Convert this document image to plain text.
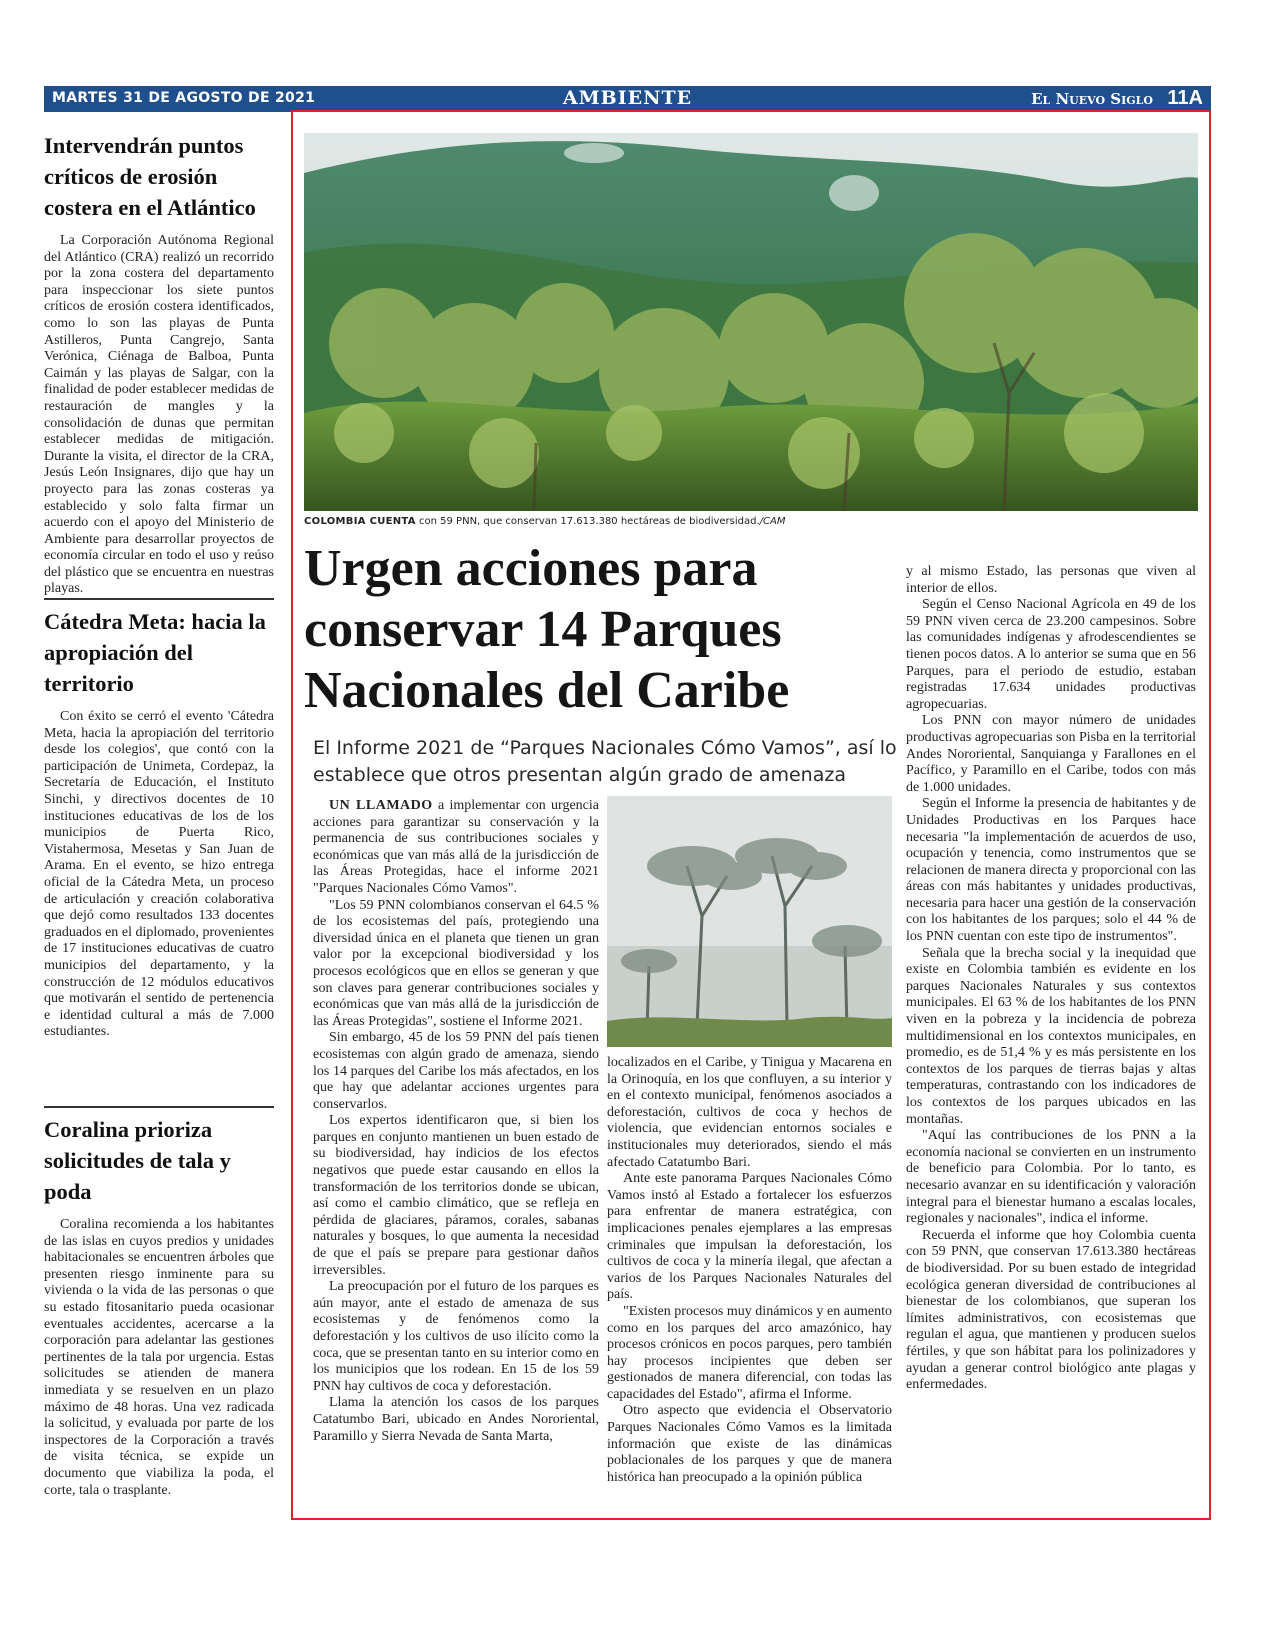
MARTES 31 DE AGOSTO DE 2021	AMBIENTE	El Nuevo Siglo 11A
Intervendrán puntos críticos de erosión costera en el Atlántico

La Corporación Autónoma Regional del Atlántico (CRA) realizó un recorrido por la zona costera del departamento para inspeccionar los siete puntos críticos de erosión costera identificados, como lo son las playas de Punta Astilleros, Punta Cangrejo, Santa Verónica, Ciénaga de Balboa, Punta Caimán y las playas de Salgar, con la finalidad de poder establecer medidas de restauración de mangles y la consolidación de dunas que permitan establecer medidas de mitigación. Durante la visita, el director de la CRA, Jesús León Insignares, dijo que hay un proyecto para las zonas costeras ya establecido y solo falta firmar un acuerdo con el apoyo del Ministerio de Ambiente para desarrollar proyectos de economía circular en todo el uso y reúso del plástico que se encuentra en nuestras playas.

Cátedra Meta: hacia la apropiación del territorio

Con éxito se cerró el evento 'Cátedra Meta, hacia la apropiación del territorio desde los colegios', que contó con la participación de Unimeta, Cordepaz, la Secretaría de Educación, el Instituto Sinchi, y directivos docentes de 10 instituciones educativas de los de los municipios de Puerta Rico, Vistahermosa, Mesetas y San Juan de Arama. En el evento, se hizo entrega oficial de la Cátedra Meta, un proceso de articulación y creación colaborativa que dejó como resultados 133 docentes graduados en el diplomado, provenientes de 17 instituciones educativas de cuatro municipios del departamento, y la construcción de 12 módulos educativos que motivarán el sentido de pertenencia e identidad cultural a más de 7.000 estudiantes.

Coralina prioriza solicitudes de tala y poda

Coralina recomienda a los habitantes de las islas en cuyos predios y unidades habitacionales se encuentren árboles que presenten riesgo inminente para su vivienda o la vida de las personas o que su estado fitosanitario pueda ocasionar eventuales accidentes, acercarse a la corporación para adelantar las gestiones pertinentes de la tala por urgencia. Estas solicitudes se atienden de manera inmediata y se resuelven en un plazo máximo de 48 horas. Una vez radicada la solicitud, y evaluada por parte de los inspectores de la Corporación a través de visita técnica, se expide un documento que viabiliza la poda, el corte, tala o trasplante.

COLOMBIA CUENTA con 59 PNN, que conservan 17.613.380 hectáreas de biodiversidad./CAM
Urgen acciones para conservar 14 Parques Nacionales del Caribe
El Informe 2021 de “Parques Nacionales Cómo Vamos”, así lo establece que otros presentan algún grado de amenaza

UN LLAMADO a implementar con urgencia acciones para garantizar su conservación y la permanencia de sus contribuciones sociales y económicas que van más allá de la jurisdicción de las Áreas Protegidas, hace el informe 2021 "Parques Nacionales Cómo Vamos".

"Los 59 PNN colombianos conservan el 64.5 % de los ecosistemas del país, protegiendo una diversidad única en el planeta que tienen un gran valor por la excepcional biodiversidad y los procesos ecológicos que en ellos se generan y que son claves para generar contribuciones sociales y económicas que van más allá de la jurisdicción de las Áreas Protegidas", sostiene el Informe 2021.

Sin embargo, 45 de los 59 PNN del país tienen ecosistemas con algún grado de amenaza, siendo los 14 parques del Caribe los más afectados, en los que hay que adelantar acciones urgentes para conservarlos.

Los expertos identificaron que, si bien los parques en conjunto mantienen un buen estado de su biodiversidad, hay indicios de los efectos negativos que puede estar causando en ellos la transformación de los territorios donde se ubican, así como el cambio climático, que se refleja en pérdida de glaciares, páramos, corales, sabanas naturales y bosques, lo que aumenta la necesidad de que el país se prepare para gestionar daños irreversibles.

La preocupación por el futuro de los parques es aún mayor, ante el estado de amenaza de sus ecosistemas y de fenómenos como la deforestación y los cultivos de uso ilícito como la coca, que se presentan tanto en su interior como en los municipios que los rodean. En 15 de los 59 PNN hay cultivos de coca y deforestación.

Llama la atención los casos de los parques Catatumbo Bari, ubicado en Andes Nororiental, Paramillo y Sierra Nevada de Santa Marta,

localizados en el Caribe, y Tinigua y Macarena en la Orinoquía, en los que confluyen, a su interior y en el contexto municipal, fenómenos asociados a deforestación, cultivos de coca y hechos de violencia, que evidencian entornos sociales e institucionales muy deteriorados, siendo el más afectado Catatumbo Bari.

Ante este panorama Parques Nacionales Cómo Vamos instó al Estado a fortalecer los esfuerzos para enfrentar de manera estratégica, con implicaciones penales ejemplares a las empresas criminales que impulsan la deforestación, los cultivos de coca y la minería ilegal, que afectan a varios de los Parques Nacionales Naturales del país.

"Existen procesos muy dinámicos y en aumento como en los parques del arco amazónico, hay procesos crónicos en pocos parques, pero también hay procesos incipientes que deben ser gestionados de manera diferencial, con todas las capacidades del Estado", afirma el Informe.

Otro aspecto que evidencia el Observatorio Parques Nacionales Cómo Vamos es la limitada información que existe de las dinámicas poblacionales de los parques y que de manera histórica han preocupado a la opinión pública

y al mismo Estado, las personas que viven al interior de ellos.

Según el Censo Nacional Agrícola en 49 de los 59 PNN viven cerca de 23.200 campesinos. Sobre las comunidades indígenas y afrodescendientes se tienen pocos datos. A lo anterior se suma que en 56 Parques, para el periodo de estudio, estaban registradas 17.634 unidades productivas agropecuarias.

Los PNN con mayor número de unidades productivas agropecuarias son Pisba en la territorial Andes Nororiental, Sanquianga y Farallones en el Pacífico, y Paramillo en el Caribe, todos con más de 1.000 unidades.

Según el Informe la presencia de habitantes y de Unidades Productivas en los Parques hace necesaria "la implementación de acuerdos de uso, ocupación y tenencia, como instrumentos que se relacionen de manera directa y proporcional con las áreas con más habitantes y unidades productivas, necesaria para hacer una gestión de la conservación con los habitantes de los parques; solo el 44 % de los PNN cuentan con este tipo de instrumentos".

Señala que la brecha social y la inequidad que existe en Colombia también es evidente en los parques Nacionales Naturales y sus contextos municipales. El 63 % de los habitantes de los PNN viven en la pobreza y la incidencia de pobreza multidimensional en los contextos municipales, en promedio, es de 51,4 % y es más persistente en los contextos de los parques de tierras bajas y altas temperaturas, contrastando con los indicadores de los contextos de los parques ubicados en las montañas.

"Aquí las contribuciones de los PNN a la economía nacional se convierten en un instrumento de beneficio para Colombia. Por lo tanto, es necesario avanzar en su identificación y valoración integral para el bienestar humano a escalas locales, regionales y nacionales", indica el informe.

Recuerda el informe que hoy Colombia cuenta con 59 PNN, que conservan 17.613.380 hectáreas de biodiversidad. Por su buen estado de integridad ecológica generan diversidad de contribuciones al bienestar de los colombianos, que superan los límites administrativos, con ecosistemas que regulan el agua, que mantienen y producen suelos fértiles, y que son hábitat para los polinizadores y ayudan a generar control biológico ante plagas y enfermedades.
